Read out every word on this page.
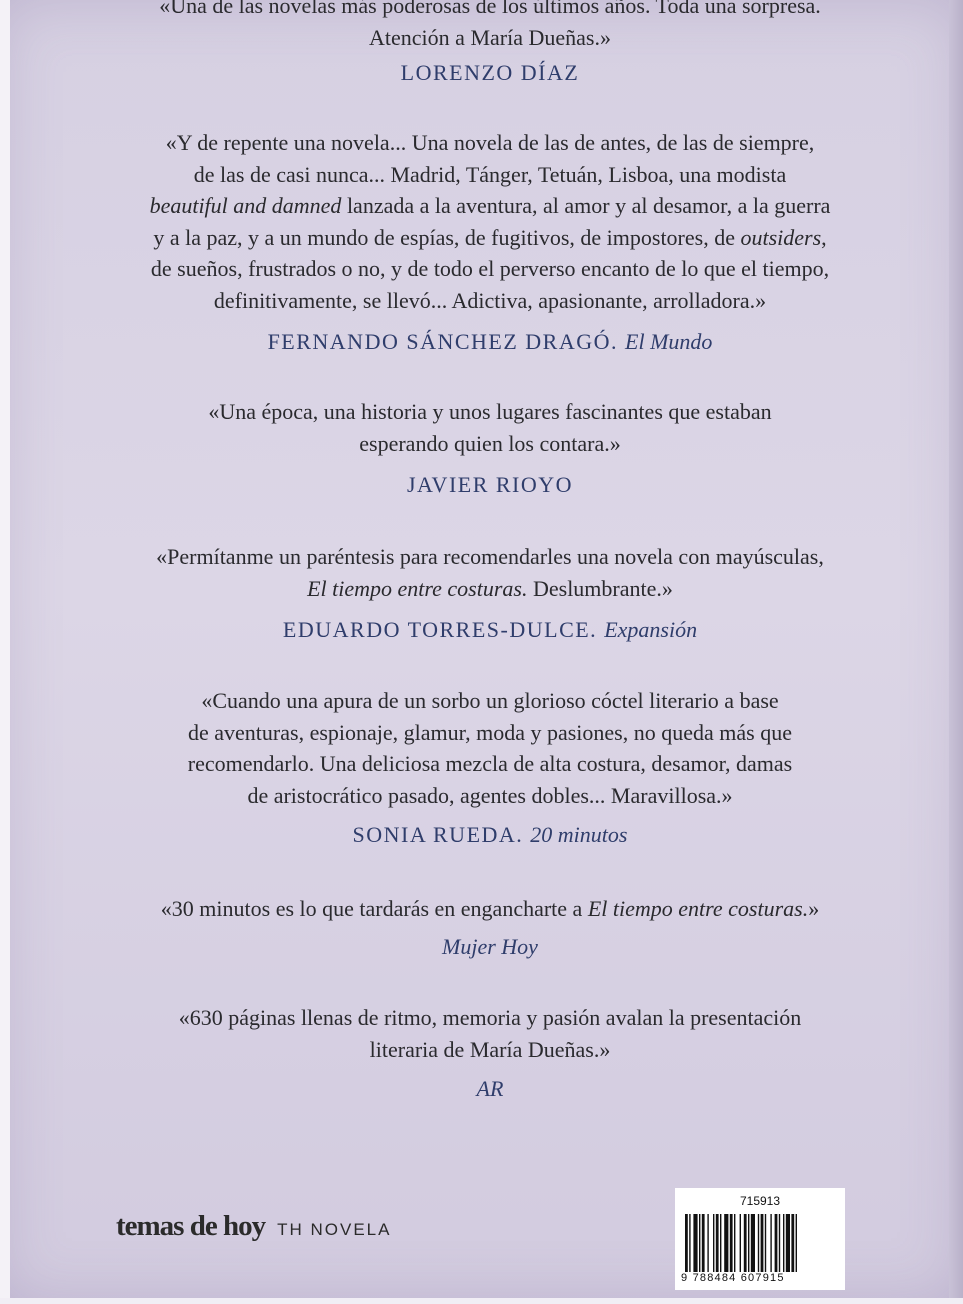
«Una de las novelas más poderosas de los últimos años. Toda una sorpresa.

Atención a María Dueñas.»

LORENZO DÍAZ

«Y de repente una novela... Una novela de las de antes, de las de siempre,

de las de casi nunca... Madrid, Tánger, Tetuán, Lisboa, una modista

beautiful and damned lanzada a la aventura, al amor y al desamor, a la guerra

y a la paz, y a un mundo de espías, de fugitivos, de impostores, de outsiders,

de sueños, frustrados o no, y de todo el perverso encanto de lo que el tiempo,

definitivamente, se llevó... Adictiva, apasionante, arrolladora.»

FERNANDO SÁNCHEZ DRAGÓ. El Mundo

«Una época, una historia y unos lugares fascinantes que estaban

esperando quien los contara.»

JAVIER RIOYO

«Permítanme un paréntesis para recomendarles una novela con mayúsculas,

El tiempo entre costuras. Deslumbrante.»

EDUARDO TORRES-DULCE. Expansión

«Cuando una apura de un sorbo un glorioso cóctel literario a base

de aventuras, espionaje, glamur, moda y pasiones, no queda más que

recomendarlo. Una deliciosa mezcla de alta costura, desamor, damas

de aristocrático pasado, agentes dobles... Maravillosa.»

SONIA RUEDA. 20 minutos

«30 minutos es lo que tardarás en engancharte a El tiempo entre costuras.»

Mujer Hoy

«630 páginas llenas de ritmo, memoria y pasión avalan la presentación

literaria de María Dueñas.»

AR
temas de hoy TH NOVELA
715913
9 788484 607915
